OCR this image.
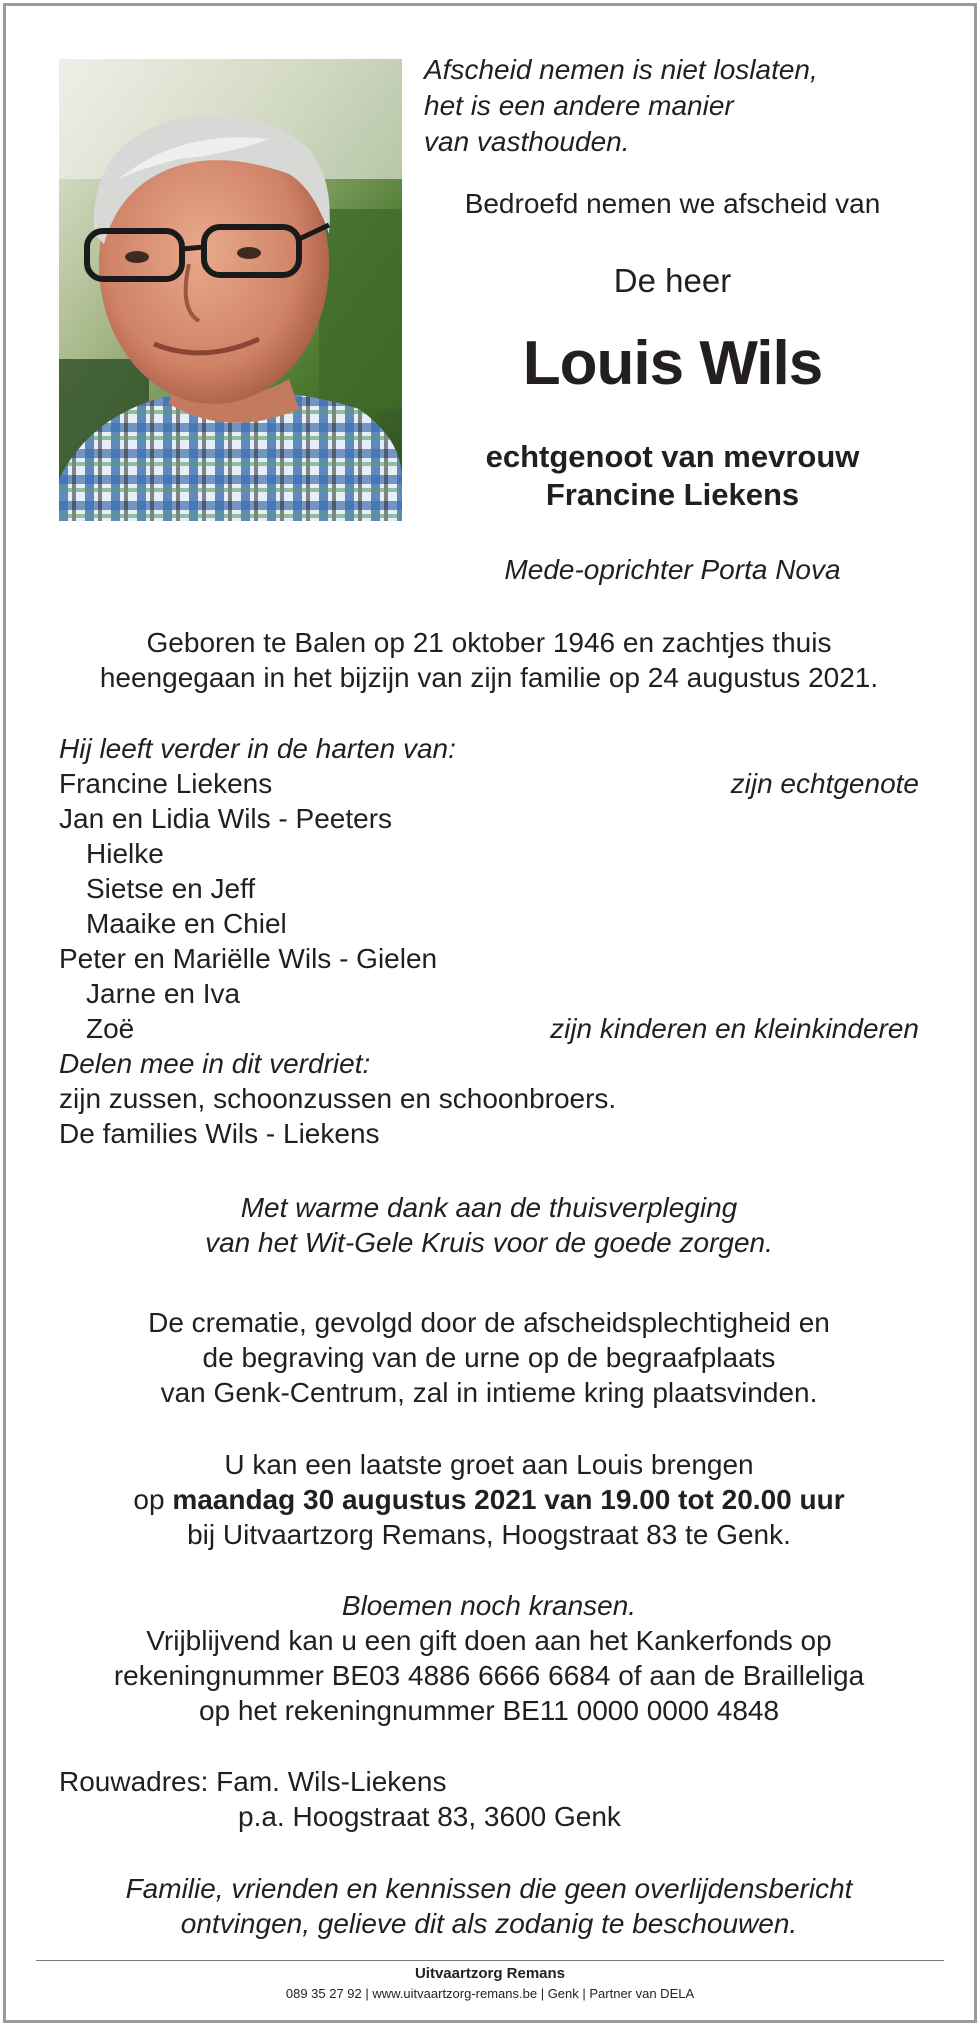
Afscheid nemen is niet loslaten,
het is een andere manier
van vasthouden.
Bedroefd nemen we afscheid van
De heer
Louis Wils
echtgenoot van mevrouw
Francine Liekens
Mede-oprichter Porta Nova
Geboren te Balen op 21 oktober 1946 en zachtjes thuis
heengegaan in het bijzijn van zijn familie op 24 augustus 2021.
Hij leeft verder in de harten van:
Francine Liekens	zijn echtgenote
Jan en Lidia Wils - Peeters
Hielke
Sietse en Jeff
Maaike en Chiel
Peter en Mariëlle Wils - Gielen
Jarne en Iva
Zoë	zijn kinderen en kleinkinderen
Delen mee in dit verdriet:
zijn zussen, schoonzussen en schoonbroers.
De families Wils - Liekens
Met warme dank aan de thuisverpleging
van het Wit-Gele Kruis voor de goede zorgen.
De crematie, gevolgd door de afscheidsplechtigheid en
de begraving van de urne op de begraafplaats
van Genk-Centrum, zal in intieme kring plaatsvinden.
U kan een laatste groet aan Louis brengen
op maandag 30 augustus 2021 van 19.00 tot 20.00 uur
bij Uitvaartzorg Remans, Hoogstraat 83 te Genk.
Bloemen noch kransen.
Vrijblijvend kan u een gift doen aan het Kankerfonds op
rekeningnummer BE03 4886 6666 6684 of aan de Brailleliga
op het rekeningnummer BE11 0000 0000 4848
Rouwadres: Fam. Wils-Liekens
p.a. Hoogstraat 83, 3600 Genk
Familie, vrienden en kennissen die geen overlijdensbericht
ontvingen, gelieve dit als zodanig te beschouwen.
Uitvaartzorg Remans
089 35 27 92 | www.uitvaartzorg-remans.be | Genk | Partner van DELA
